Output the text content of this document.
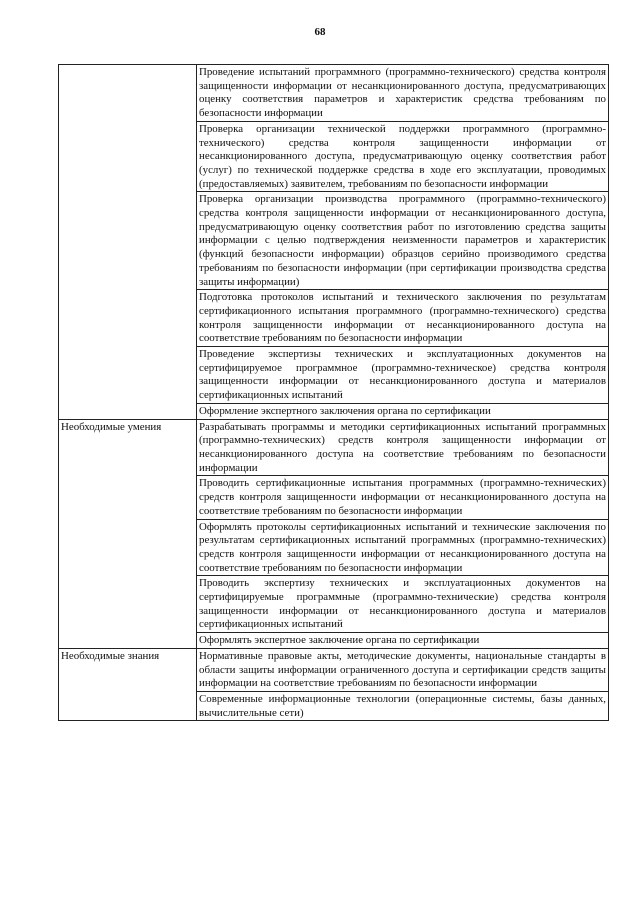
68
	Проведение испытаний программного (программно-технического) средства контроля защищенности информации от несанкционированного доступа, предусматривающих оценку соответствия параметров и характеристик средства требованиям по безопасности информации
	Проверка организации технической поддержки программного (программно-технического) средства контроля защищенности информации от несанкционированного доступа, предусматривающую оценку соответствия работ (услуг) по технической поддержке средства в ходе его эксплуатации, проводимых (предоставляемых) заявителем, требованиям по безопасности информации
	Проверка организации производства программного (программно-технического) средства контроля защищенности информации от несанкционированного доступа, предусматривающую оценку соответствия работ по изготовлению средства защиты информации с целью подтверждения неизменности параметров и характеристик (функций безопасности информации) образцов серийно производимого средства требованиям по безопасности информации (при сертификации производства средства защиты информации)
	Подготовка протоколов испытаний и технического заключения по результатам сертификационного испытания программного (программно-технического) средства контроля защищенности информации от несанкционированного доступа на соответствие требованиям по безопасности информации
	Проведение экспертизы технических и эксплуатационных документов на сертифицируемое программное (программно-техническое) средства контроля защищенности информации от несанкционированного доступа и материалов сертификационных испытаний
	Оформление экспертного заключения органа по сертификации
Необходимые умения	Разрабатывать программы и методики сертификационных испытаний программных (программно-технических) средств контроля защищенности информации от несанкционированного доступа на соответствие требованиям по безопасности информации
	Проводить сертификационные испытания программных (программно-технических) средств контроля защищенности информации от несанкционированного доступа на соответствие требованиям по безопасности информации
	Оформлять протоколы сертификационных испытаний и технические заключения по результатам сертификационных испытаний программных (программно-технических) средств контроля защищенности информации от несанкционированного доступа на соответствие требованиям по безопасности информации
	Проводить экспертизу технических и эксплуатационных документов на сертифицируемые программные (программно-технические) средства контроля защищенности информации от несанкционированного доступа и материалов сертификационных испытаний
	Оформлять экспертное заключение органа по сертификации
Необходимые знания	Нормативные правовые акты, методические документы, национальные стандарты в области защиты информации ограниченного доступа и сертификации средств защиты информации на соответствие требованиям по безопасности информации
	Современные информационные технологии (операционные системы, базы данных, вычислительные сети)
